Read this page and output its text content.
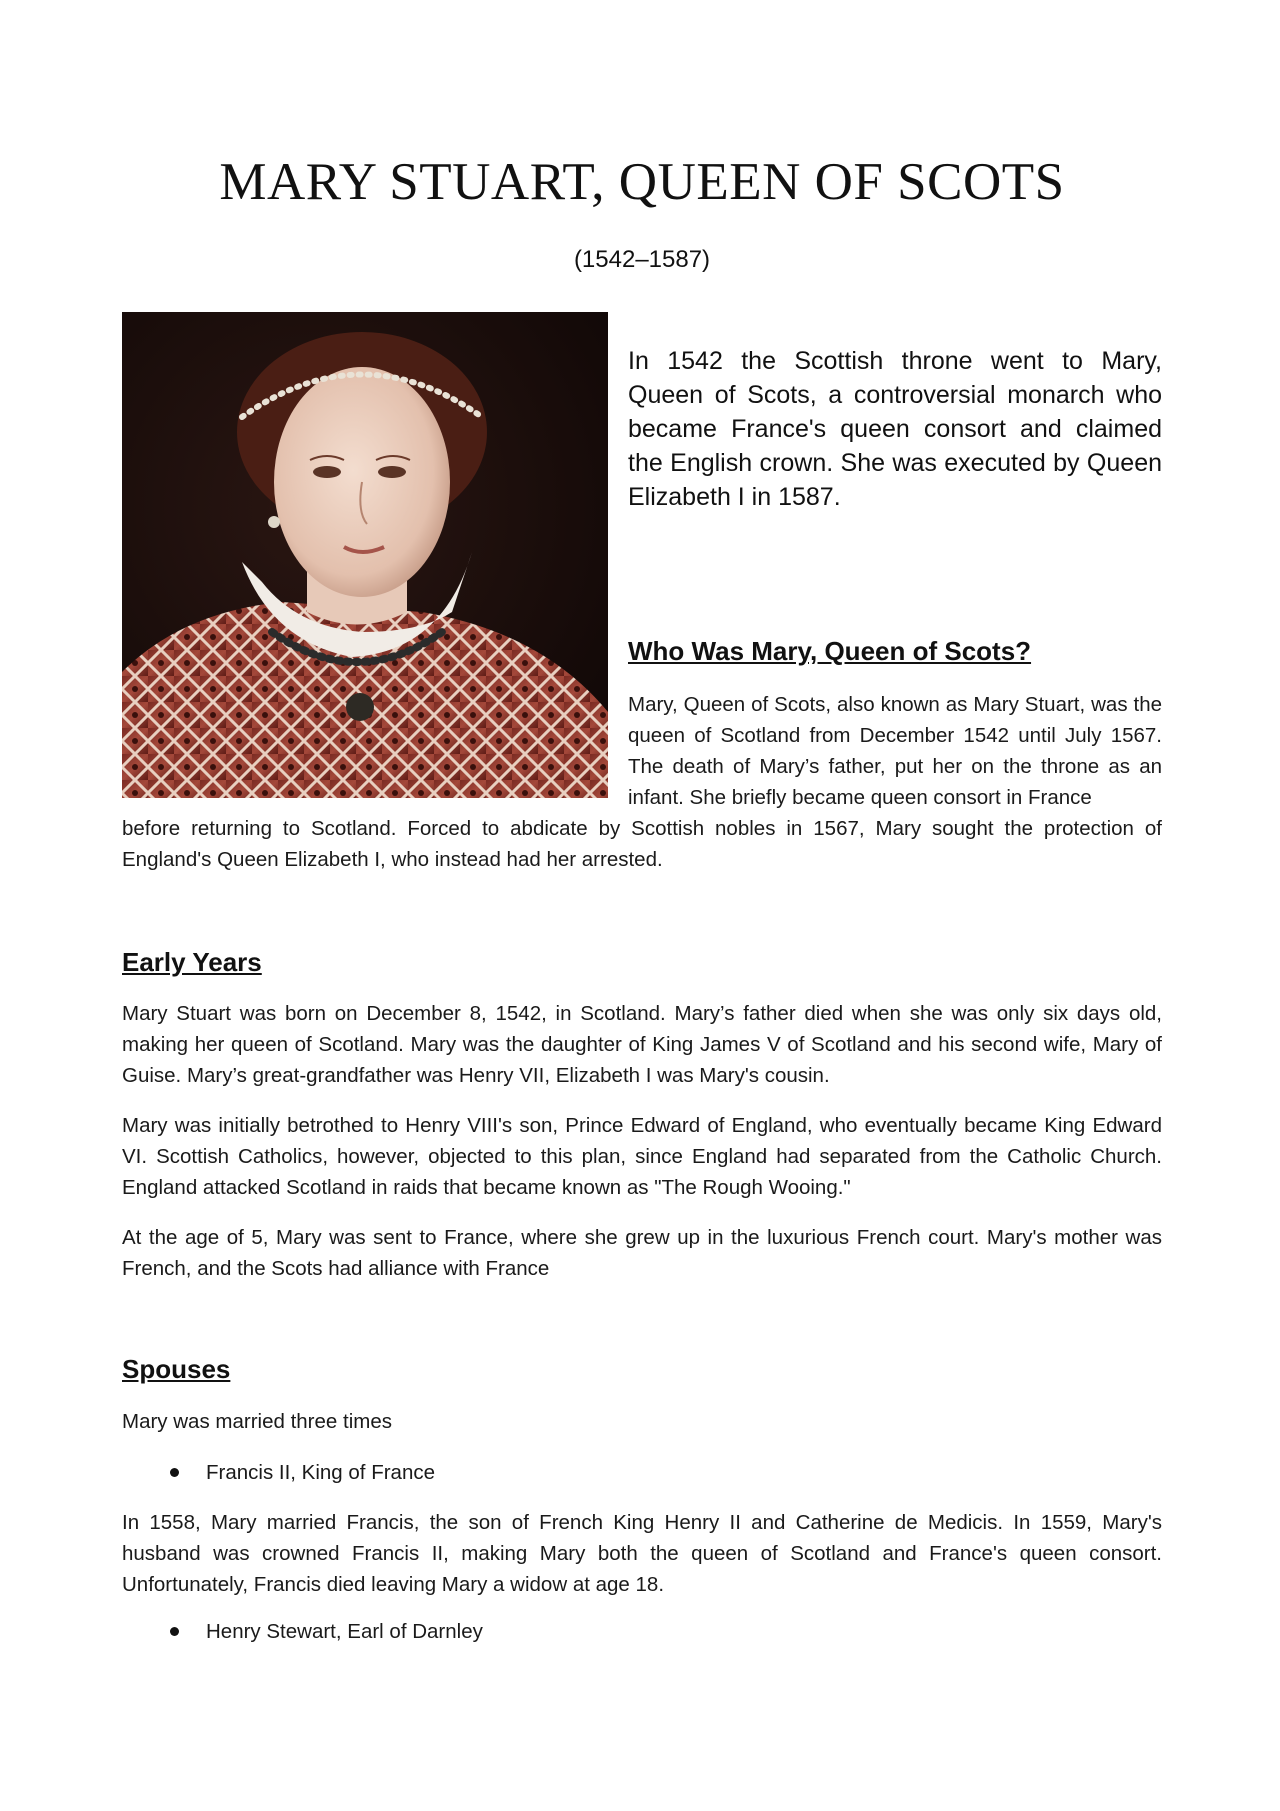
MARY STUART, QUEEN OF SCOTS
(1542–1587)

In 1542 the Scottish throne went to Mary, Queen of Scots, a controversial monarch who became France's queen consort and claimed the English crown. She was executed by Queen Elizabeth I in 1587.

Who Was Mary, Queen of Scots?

Mary, Queen of Scots, also known as Mary Stuart, was the queen of Scotland from December 1542 until July 1567. The death of Mary’s father, put her on the throne as an infant. She briefly became queen consort in France

before returning to Scotland. Forced to abdicate by Scottish nobles in 1567, Mary sought the protection of England's Queen Elizabeth I, who instead had her arrested.

Early Years

Mary Stuart was born on December 8, 1542, in Scotland. Mary’s father died when she was only six days old, making her queen of Scotland. Mary was the daughter of King James V of Scotland and his second wife, Mary of Guise. Mary’s great-grandfather was Henry VII, Elizabeth I was Mary's cousin.

Mary was initially betrothed to Henry VIII's son, Prince Edward of England, who eventually became King Edward VI. Scottish Catholics, however, objected to this plan, since England had separated from the Catholic Church. England attacked Scotland in raids that became known as "The Rough Wooing."

At the age of 5, Mary was sent to France, where she grew up in the luxurious French court. Mary's mother was French, and the Scots had alliance with France

Spouses

Mary was married three times

Francis II, King of France

In 1558, Mary married Francis, the son of French King Henry II and Catherine de Medicis. In 1559, Mary's husband was crowned Francis II, making Mary both the queen of Scotland and France's queen consort. Unfortunately, Francis died leaving Mary a widow at age 18.

Henry Stewart, Earl of Darnley
